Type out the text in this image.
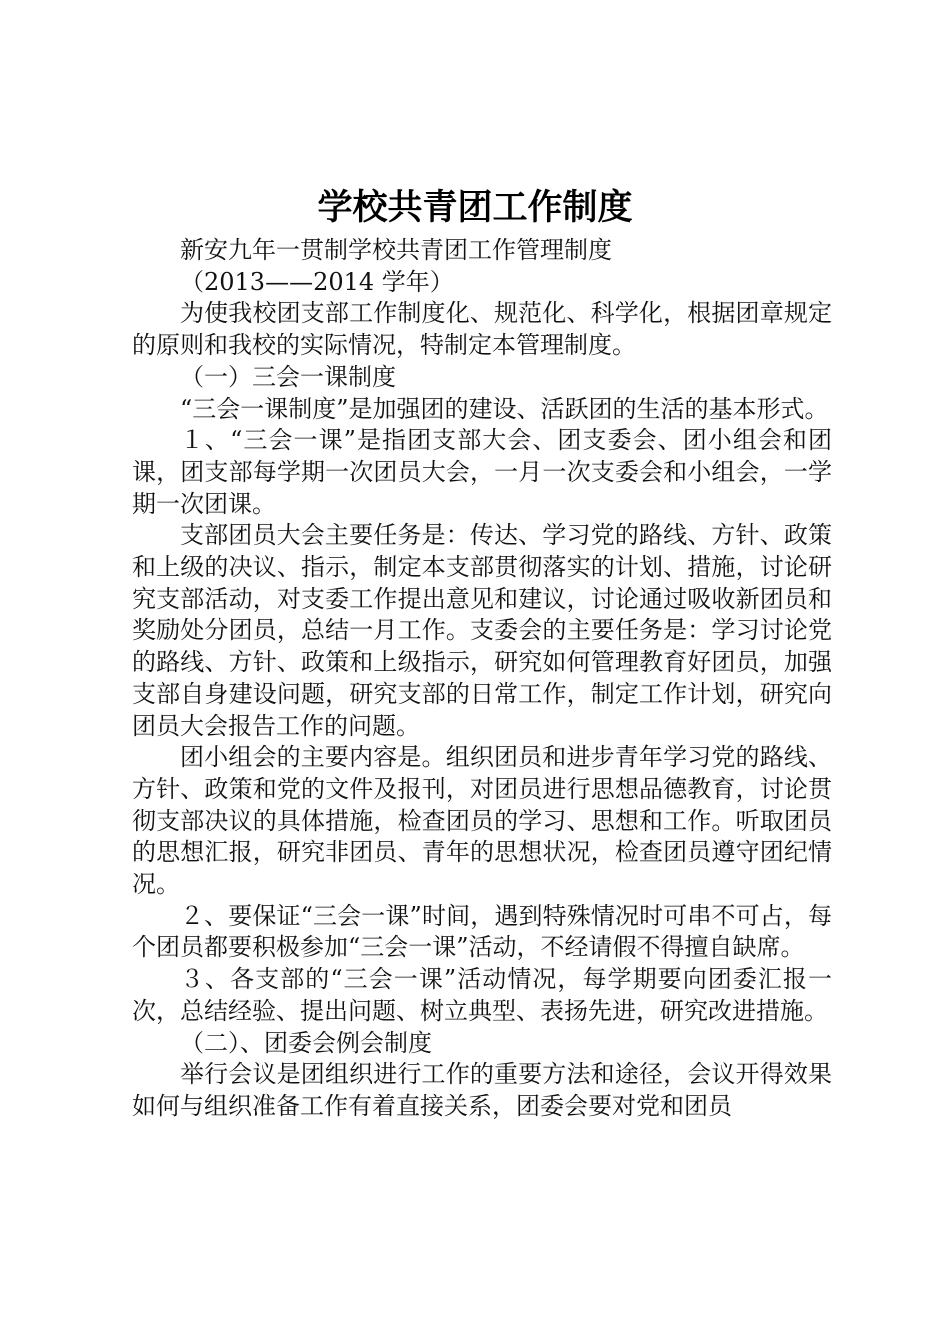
学校共青团工作制度

新安九年一贯制学校共青团工作管理制度

（2013——2014 学年）

为使我校团支部工作制度化、规范化、科学化，根据团章规定的原则和我校的实际情况，特制定本管理制度。

（一）三会一课制度

“三会一课制度”是加强团的建设、活跃团的生活的基本形式。

１、“三会一课”是指团支部大会、团支委会、团小组会和团课，团支部每学期一次团员大会，一月一次支委会和小组会，一学期一次团课。

支部团员大会主要任务是：传达、学习党的路线、方针、政策和上级的决议、指示，制定本支部贯彻落实的计划、措施，讨论研究支部活动，对支委工作提出意见和建议，讨论通过吸收新团员和奖励处分团员，总结一月工作。支委会的主要任务是：学习讨论党的路线、方针、政策和上级指示，研究如何管理教育好团员，加强支部自身建设问题，研究支部的日常工作，制定工作计划，研究向团员大会报告工作的问题。

团小组会的主要内容是。组织团员和进步青年学习党的路线、方针、政策和党的文件及报刊，对团员进行思想品德教育，讨论贯彻支部决议的具体措施，检查团员的学习、思想和工作。听取团员的思想汇报，研究非团员、青年的思想状况，检查团员遵守团纪情况。

２、要保证“三会一课”时间，遇到特殊情况时可串不可占，每个团员都要积极参加“三会一课”活动，不经请假不得擅自缺席。

３、各支部的“三会一课”活动情况，每学期要向团委汇报一次，总结经验、提出问题、树立典型、表扬先进，研究改进措施。

（二）、团委会例会制度

举行会议是团组织进行工作的重要方法和途径，会议开得效果如何与组织准备工作有着直接关系，团委会要对党和团员
